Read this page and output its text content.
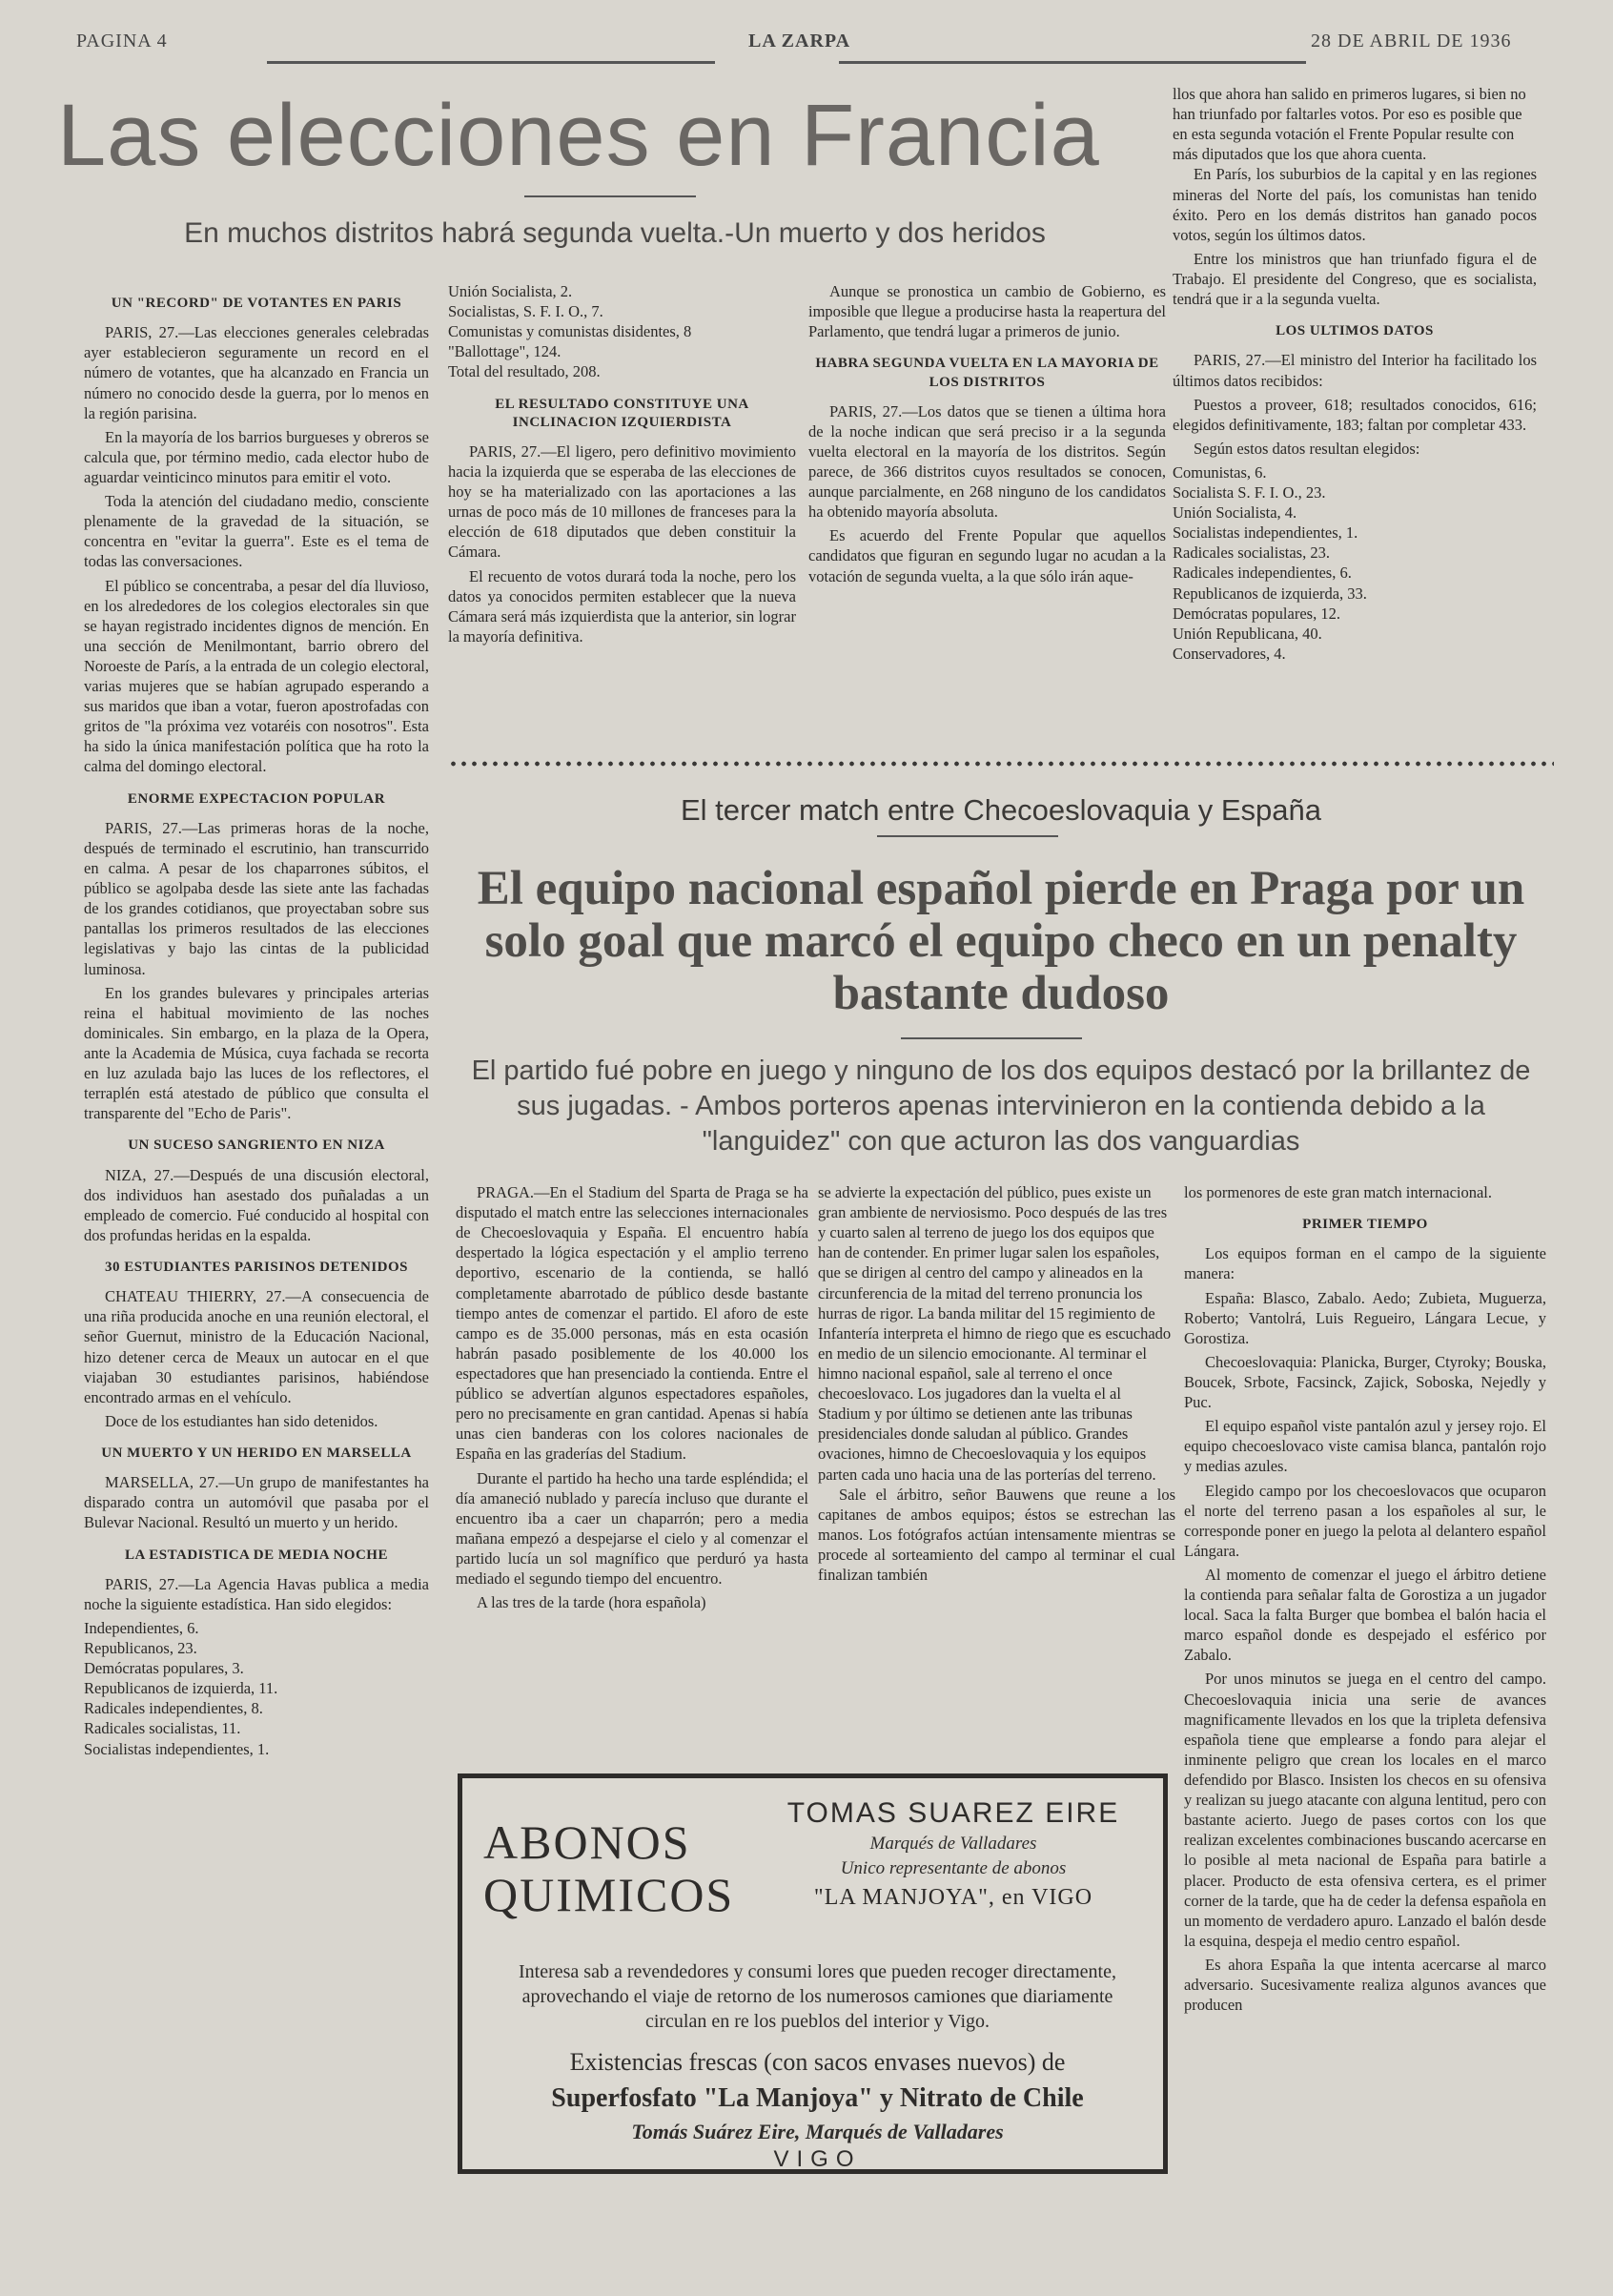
PAGINA 4	LA ZARPA	28 DE ABRIL DE 1936
Las elecciones en Francia
En muchos distritos habrá segunda vuelta.-Un muerto y dos heridos

UN "RECORD" DE VOTANTES EN PARIS

PARIS, 27.—Las elecciones generales celebradas ayer establecieron seguramente un record en el número de votantes, que ha alcanzado en Francia un número no conocido desde la guerra, por lo menos en la región parisina.

En la mayoría de los barrios burgueses y obreros se calcula que, por término medio, cada elector hubo de aguardar veinticinco minutos para emitir el voto.

Toda la atención del ciudadano medio, consciente plenamente de la gravedad de la situación, se concentra en "evitar la guerra". Este es el tema de todas las conversaciones.

El público se concentraba, a pesar del día lluvioso, en los alrededores de los colegios electorales sin que se hayan registrado incidentes dignos de mención. En una sección de Menilmontant, barrio obrero del Noroeste de París, a la entrada de un colegio electoral, varias mujeres que se habían agrupado esperando a sus maridos que iban a votar, fueron apostrofadas con gritos de "la próxima vez votaréis con nosotros". Esta ha sido la única manifestación política que ha roto la calma del domingo electoral.

ENORME EXPECTACION POPULAR

PARIS, 27.—Las primeras horas de la noche, después de terminado el escrutinio, han transcurrido en calma. A pesar de los chaparrones súbitos, el público se agolpaba desde las siete ante las fachadas de los grandes cotidianos, que proyectaban sobre sus pantallas los primeros resultados de las elecciones legislativas y bajo las cintas de la publicidad luminosa.

En los grandes bulevares y principales arterias reina el habitual movimiento de las noches dominicales. Sin embargo, en la plaza de la Opera, ante la Academia de Música, cuya fachada se recorta en luz azulada bajo las luces de los reflectores, el terraplén está atestado de público que consulta el transparente del "Echo de Paris".

UN SUCESO SANGRIENTO EN NIZA

NIZA, 27.—Después de una discusión electoral, dos individuos han asestado dos puñaladas a un empleado de comercio. Fué conducido al hospital con dos profundas heridas en la espalda.

30 ESTUDIANTES PARISINOS DETENIDOS

CHATEAU THIERRY, 27.—A consecuencia de una riña producida anoche en una reunión electoral, el señor Guernut, ministro de la Educación Nacional, hizo detener cerca de Meaux un autocar en el que viajaban 30 estudiantes parisinos, habiéndose encontrado armas en el vehículo.

Doce de los estudiantes han sido detenidos.

UN MUERTO Y UN HERIDO EN MARSELLA

MARSELLA, 27.—Un grupo de manifestantes ha disparado contra un automóvil que pasaba por el Bulevar Nacional. Resultó un muerto y un herido.

LA ESTADISTICA DE MEDIA NOCHE

PARIS, 27.—La Agencia Havas publica a media noche la siguiente estadística. Han sido elegidos:

Independientes, 6.

Republicanos, 23.

Demócratas populares, 3.

Republicanos de izquierda, 11.

Radicales independientes, 8.

Radicales socialistas, 11.

Socialistas independientes, 1.

Unión Socialista, 2.

Socialistas, S. F. I. O., 7.

Comunistas y comunistas disidentes, 8

"Ballottage", 124.

Total del resultado, 208.

EL RESULTADO CONSTITUYE UNA INCLINACION IZQUIERDISTA

PARIS, 27.—El ligero, pero definitivo movimiento hacia la izquierda que se esperaba de las elecciones de hoy se ha materializado con las aportaciones a las urnas de poco más de 10 millones de franceses para la elección de 618 diputados que deben constituir la Cámara.

El recuento de votos durará toda la noche, pero los datos ya conocidos permiten establecer que la nueva Cámara será más izquierdista que la anterior, sin lograr la mayoría definitiva.

Aunque se pronostica un cambio de Gobierno, es imposible que llegue a producirse hasta la reapertura del Parlamento, que tendrá lugar a primeros de junio.

HABRA SEGUNDA VUELTA EN LA MAYORIA DE LOS DISTRITOS

PARIS, 27.—Los datos que se tienen a última hora de la noche indican que será preciso ir a la segunda vuelta electoral en la mayoría de los distritos. Según parece, de 366 distritos cuyos resultados se conocen, aunque parcialmente, en 268 ninguno de los candidatos ha obtenido mayoría absoluta.

Es acuerdo del Frente Popular que aquellos candidatos que figuran en segundo lugar no acudan a la votación de segunda vuelta, a la que sólo irán aque-

llos que ahora han salido en primeros lugares, si bien no han triunfado por faltarles votos. Por eso es posible que en esta segunda votación el Frente Popular resulte con más diputados que los que ahora cuenta.

En París, los suburbios de la capital y en las regiones mineras del Norte del país, los comunistas han tenido éxito. Pero en los demás distritos han ganado pocos votos, según los últimos datos.

Entre los ministros que han triunfado figura el de Trabajo. El presidente del Congreso, que es socialista, tendrá que ir a la segunda vuelta.

LOS ULTIMOS DATOS

PARIS, 27.—El ministro del Interior ha facilitado los últimos datos recibidos:

Puestos a proveer, 618; resultados conocidos, 616; elegidos definitivamente, 183; faltan por completar 433.

Según estos datos resultan elegidos:

Comunistas, 6.

Socialista S. F. I. O., 23.

Unión Socialista, 4.

Socialistas independientes, 1.

Radicales socialistas, 23.

Radicales independientes, 6.

Republicanos de izquierda, 33.

Demócratas populares, 12.

Unión Republicana, 40.

Conservadores, 4.

El tercer match entre Checoeslovaquia y España
El equipo nacional español pierde en Praga por un solo goal que marcó el equipo checo en un penalty bastante dudoso
El partido fué pobre en juego y ninguno de los dos equipos destacó por la brillantez de sus jugadas. - Ambos porteros apenas intervinieron en la contienda debido a la "languidez" con que acturon las dos vanguardias

PRAGA.—En el Stadium del Sparta de Praga se ha disputado el match entre las selecciones internacionales de Checoeslovaquia y España. El encuentro había despertado la lógica espectación y el amplio terreno deportivo, escenario de la contienda, se halló completamente abarrotado de público desde bastante tiempo antes de comenzar el partido. El aforo de este campo es de 35.000 personas, más en esta ocasión habrán pasado posiblemente de los 40.000 los espectadores que han presenciado la contienda. Entre el público se advertían algunos espectadores españoles, pero no precisamente en gran cantidad. Apenas si había unas cien banderas con los colores nacionales de España en las graderías del Stadium.

Durante el partido ha hecho una tarde espléndida; el día amaneció nublado y parecía incluso que durante el encuentro iba a caer un chaparrón; pero a media mañana empezó a despejarse el cielo y al comenzar el partido lucía un sol magnífico que perduró ya hasta mediado el segundo tiempo del encuentro.

A las tres de la tarde (hora española)

se advierte la expectación del público, pues existe un gran ambiente de nerviosismo. Poco después de las tres y cuarto salen al terreno de juego los dos equipos que han de contender. En primer lugar salen los españoles, que se dirigen al centro del campo y alineados en la circunferencia de la mitad del terreno pronuncia los hurras de rigor. La banda militar del 15 regimiento de Infantería interpreta el himno de riego que es escuchado en medio de un silencio emocionante. Al terminar el himno nacional español, sale al terreno el once checoeslovaco. Los jugadores dan la vuelta el al Stadium y por último se detienen ante las tribunas presidenciales donde saludan al público. Grandes ovaciones, himno de Checoeslovaquia y los equipos parten cada uno hacia una de las porterías del terreno.

Sale el árbitro, señor Bauwens que reune a los capitanes de ambos equipos; éstos se estrechan las manos. Los fotógrafos actúan intensamente mientras se procede al sorteamiento del campo al terminar el cual finalizan también

los pormenores de este gran match internacional.

PRIMER TIEMPO

Los equipos forman en el campo de la siguiente manera:

España: Blasco, Zabalo. Aedo; Zubieta, Muguerza, Roberto; Vantolrá, Luis Regueiro, Lángara Lecue, y Gorostiza.

Checoeslovaquia: Planicka, Burger, Ctyroky; Bouska, Boucek, Srbote, Facsinck, Zajick, Soboska, Nejedly y Puc.

El equipo español viste pantalón azul y jersey rojo. El equipo checoeslovaco viste camisa blanca, pantalón rojo y medias azules.

Elegido campo por los checoeslovacos que ocuparon el norte del terreno pasan a los españoles al sur, le corresponde poner en juego la pelota al delantero español Lángara.

Al momento de comenzar el juego el árbitro detiene la contienda para señalar falta de Gorostiza a un jugador local. Saca la falta Burger que bombea el balón hacia el marco español donde es despejado el esférico por Zabalo.

Por unos minutos se juega en el centro del campo. Checoeslovaquia inicia una serie de avances magnificamente llevados en los que la tripleta defensiva española tiene que emplearse a fondo para alejar el inminente peligro que crean los locales en el marco defendido por Blasco. Insisten los checos en su ofensiva y realizan su juego atacante con alguna lentitud, pero con bastante acierto. Juego de pases cortos con los que realizan excelentes combinaciones buscando acercarse en lo posible al meta nacional de España para batirle a placer. Producto de esta ofensiva certera, es el primer corner de la tarde, que ha de ceder la defensa española en un momento de verdadero apuro. Lanzado el balón desde la esquina, despeja el medio centro español.

Es ahora España la que intenta acercarse al marco adversario. Sucesivamente realiza algunos avances que producen

ABONOS
QUIMICOS
TOMAS SUAREZ EIRE
Marqués de Valladares
Unico representante de abonos
"LA MANJOYA", en VIGO
Interesa sab a revendedores y consumi lores que pueden recoger directamente, aprovechando el viaje de retorno de los numerosos camiones que diariamente circulan en re los pueblos del interior y Vigo.
Existencias frescas (con sacos envases nuevos) de
Superfosfato "La Manjoya" y Nitrato de Chile
Tomás Suárez Eire, Marqués de Valladares
VIGO
